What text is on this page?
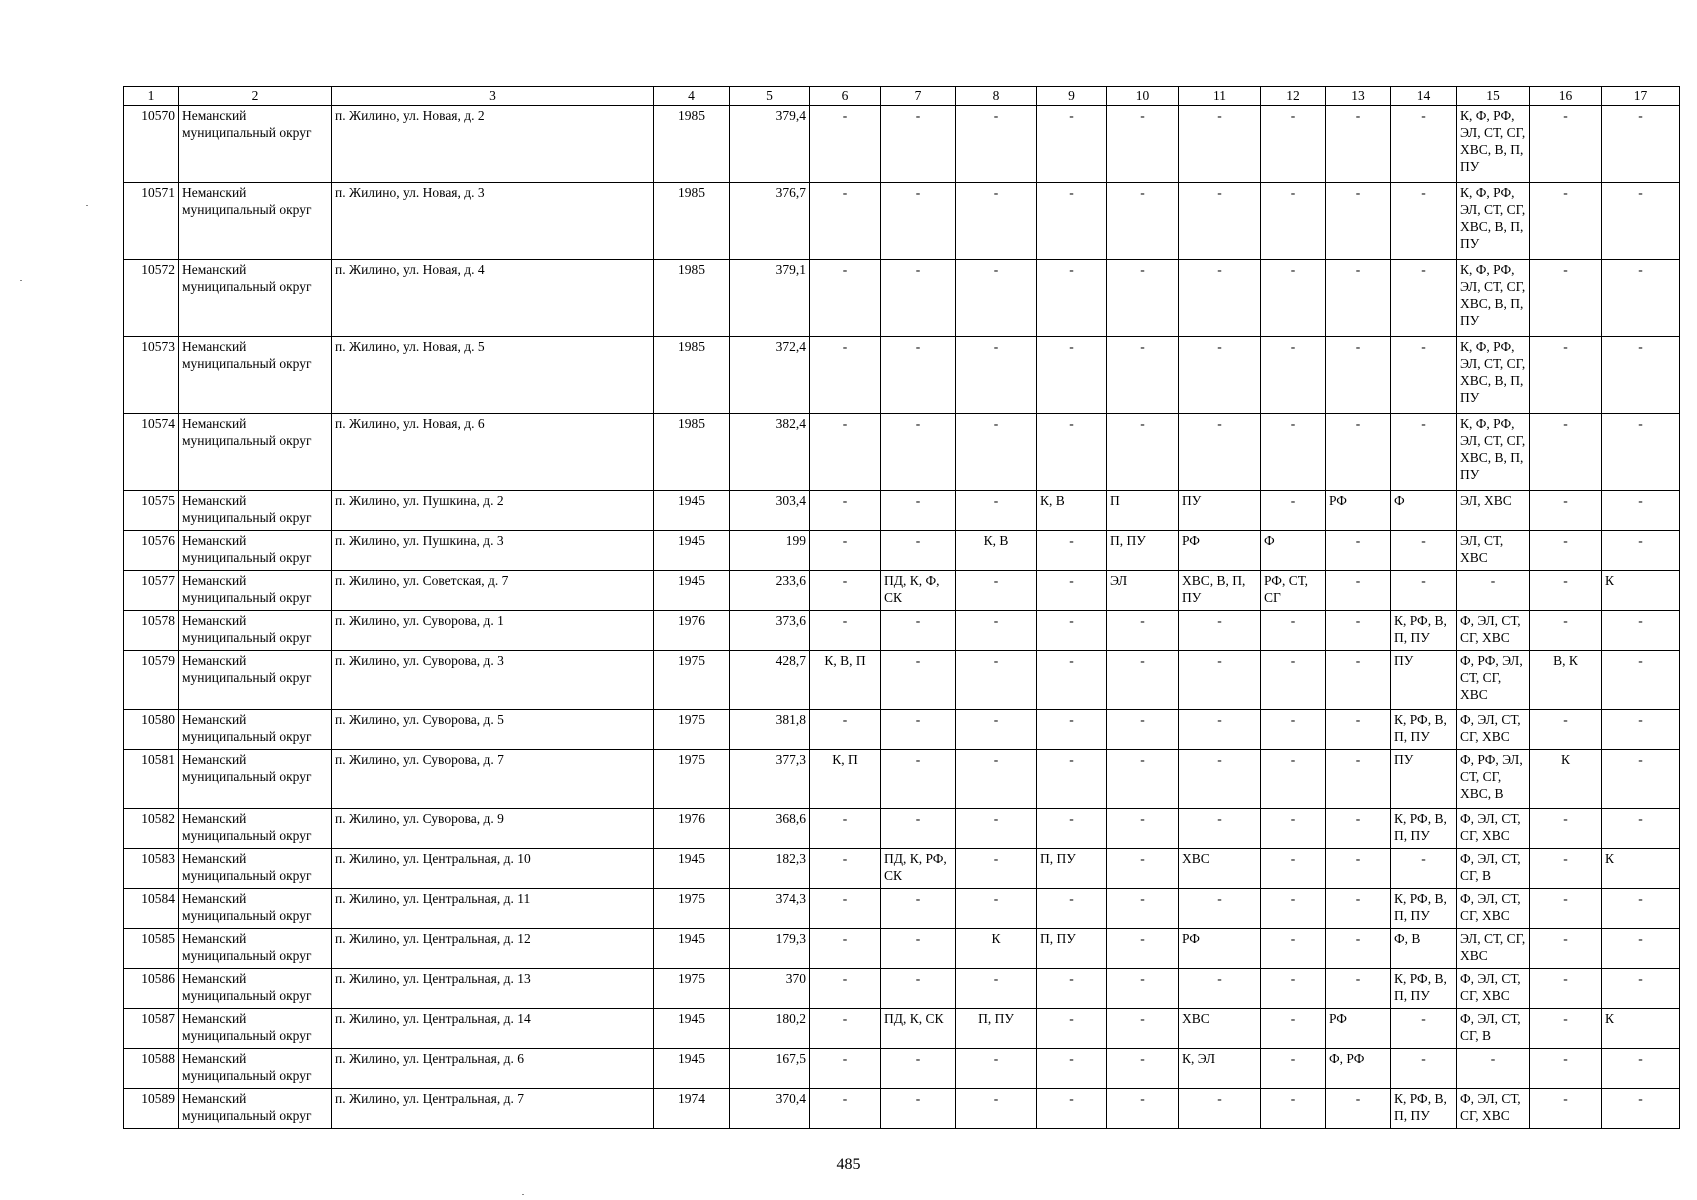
1	2	3	4	5	6	7	8	9	10	11	12	13	14	15	16	17
10570	Неманский муниципальный округ	п. Жилино, ул. Новая, д. 2	1985	379,4	-	-	-	-	-	-	-	-	-	К, Ф, РФ, ЭЛ, СТ, СГ, ХВС, В, П, ПУ	-	-
10571	Неманский муниципальный округ	п. Жилино, ул. Новая, д. 3	1985	376,7	-	-	-	-	-	-	-	-	-	К, Ф, РФ, ЭЛ, СТ, СГ, ХВС, В, П, ПУ	-	-
10572	Неманский муниципальный округ	п. Жилино, ул. Новая, д. 4	1985	379,1	-	-	-	-	-	-	-	-	-	К, Ф, РФ, ЭЛ, СТ, СГ, ХВС, В, П, ПУ	-	-
10573	Неманский муниципальный округ	п. Жилино, ул. Новая, д. 5	1985	372,4	-	-	-	-	-	-	-	-	-	К, Ф, РФ, ЭЛ, СТ, СГ, ХВС, В, П, ПУ	-	-
10574	Неманский муниципальный округ	п. Жилино, ул. Новая, д. 6	1985	382,4	-	-	-	-	-	-	-	-	-	К, Ф, РФ, ЭЛ, СТ, СГ, ХВС, В, П, ПУ	-	-
10575	Неманский муниципальный округ	п. Жилино, ул. Пушкина, д. 2	1945	303,4	-	-	-	К, В	П	ПУ	-	РФ	Ф	ЭЛ, ХВС	-	-
10576	Неманский муниципальный округ	п. Жилино, ул. Пушкина, д. 3	1945	199	-	-	К, В	-	П, ПУ	РФ	Ф	-	-	ЭЛ, СТ, ХВС	-	-
10577	Неманский муниципальный округ	п. Жилино, ул. Советская, д. 7	1945	233,6	-	ПД, К, Ф, СК	-	-	ЭЛ	ХВС, В, П, ПУ	РФ, СТ, СГ	-	-	-	-	К
10578	Неманский муниципальный округ	п. Жилино, ул. Суворова, д. 1	1976	373,6	-	-	-	-	-	-	-	-	К, РФ, В, П, ПУ	Ф, ЭЛ, СТ, СГ, ХВС	-	-
10579	Неманский муниципальный округ	п. Жилино, ул. Суворова, д. 3	1975	428,7	К, В, П	-	-	-	-	-	-	-	ПУ	Ф, РФ, ЭЛ, СТ, СГ, ХВС	В, К	-
10580	Неманский муниципальный округ	п. Жилино, ул. Суворова, д. 5	1975	381,8	-	-	-	-	-	-	-	-	К, РФ, В, П, ПУ	Ф, ЭЛ, СТ, СГ, ХВС	-	-
10581	Неманский муниципальный округ	п. Жилино, ул. Суворова, д. 7	1975	377,3	К, П	-	-	-	-	-	-	-	ПУ	Ф, РФ, ЭЛ, СТ, СГ, ХВС, В	К	-
10582	Неманский муниципальный округ	п. Жилино, ул. Суворова, д. 9	1976	368,6	-	-	-	-	-	-	-	-	К, РФ, В, П, ПУ	Ф, ЭЛ, СТ, СГ, ХВС	-	-
10583	Неманский муниципальный округ	п. Жилино, ул. Центральная, д. 10	1945	182,3	-	ПД, К, РФ, СК	-	П, ПУ	-	ХВС	-	-	-	Ф, ЭЛ, СТ, СГ, В	-	К
10584	Неманский муниципальный округ	п. Жилино, ул. Центральная, д. 11	1975	374,3	-	-	-	-	-	-	-	-	К, РФ, В, П, ПУ	Ф, ЭЛ, СТ, СГ, ХВС	-	-
10585	Неманский муниципальный округ	п. Жилино, ул. Центральная, д. 12	1945	179,3	-	-	К	П, ПУ	-	РФ	-	-	Ф, В	ЭЛ, СТ, СГ, ХВС	-	-
10586	Неманский муниципальный округ	п. Жилино, ул. Центральная, д. 13	1975	370	-	-	-	-	-	-	-	-	К, РФ, В, П, ПУ	Ф, ЭЛ, СТ, СГ, ХВС	-	-
10587	Неманский муниципальный округ	п. Жилино, ул. Центральная, д. 14	1945	180,2	-	ПД, К, СК	П, ПУ	-	-	ХВС	-	РФ	-	Ф, ЭЛ, СТ, СГ, В	-	К
10588	Неманский муниципальный округ	п. Жилино, ул. Центральная, д. 6	1945	167,5	-	-	-	-	-	К, ЭЛ	-	Ф, РФ	-	-	-	-
10589	Неманский муниципальный округ	п. Жилино, ул. Центральная, д. 7	1974	370,4	-	-	-	-	-	-	-	-	К, РФ, В, П, ПУ	Ф, ЭЛ, СТ, СГ, ХВС	-	-
485
